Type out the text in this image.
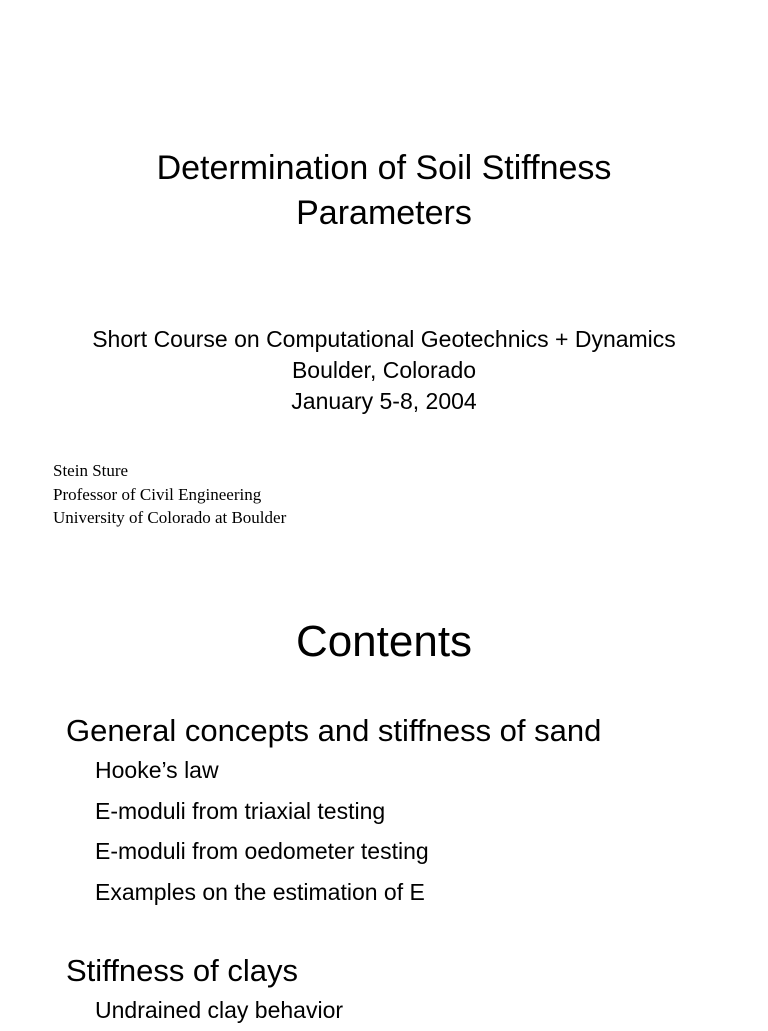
Determination of Soil Stiffness
Parameters
Short Course on Computational Geotechnics + Dynamics
Boulder, Colorado
January 5-8, 2004
Stein Sture
Professor of Civil Engineering
University of Colorado at Boulder
Contents
General concepts and stiffness of sand
Hooke’s law
E-moduli from triaxial testing
E-moduli from oedometer testing
Examples on the estimation of E
Stiffness of clays
Undrained clay behavior
